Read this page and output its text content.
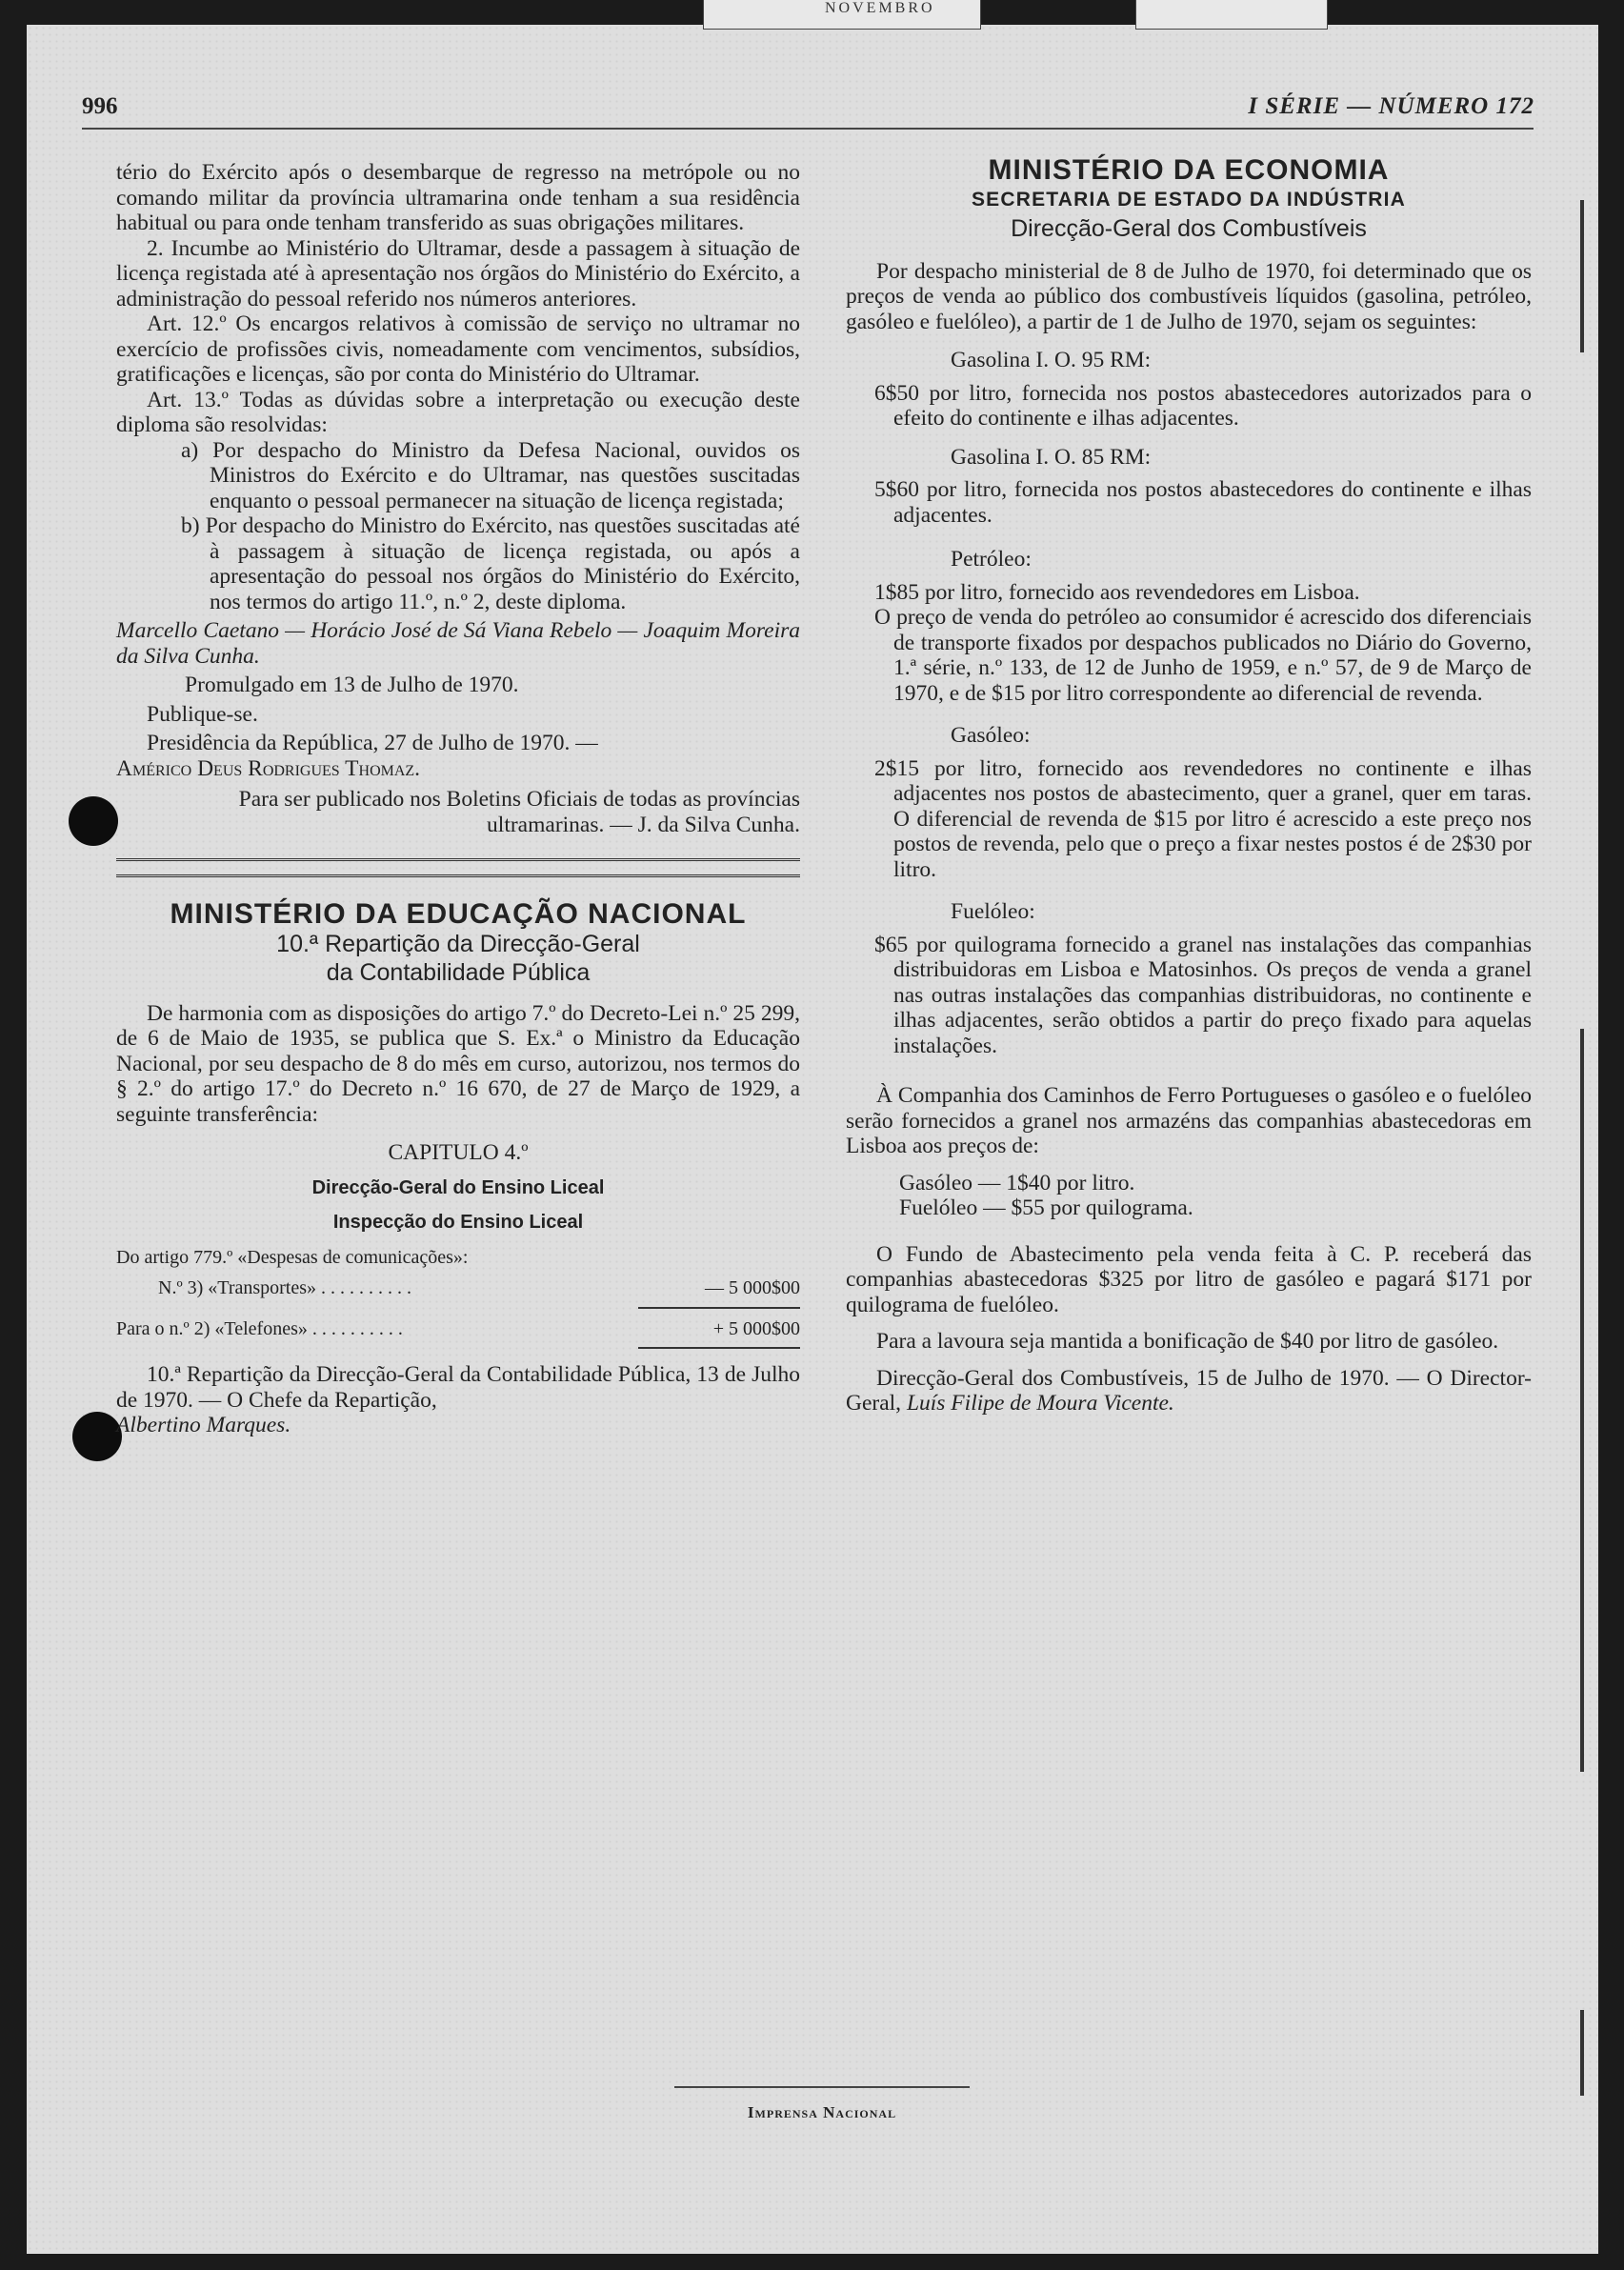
NOVEMBRO
996	I SÉRIE — NÚMERO 172

tério do Exército após o desembarque de regresso na metrópole ou no comando militar da província ultramarina onde tenham a sua residência habitual ou para onde tenham transferido as suas obrigações militares.

2. Incumbe ao Ministério do Ultramar, desde a passagem à situação de licença registada até à apresentação nos órgãos do Ministério do Exército, a administração do pessoal referido nos números anteriores.

Art. 12.º Os encargos relativos à comissão de serviço no ultramar no exercício de profissões civis, nomeadamente com vencimentos, subsídios, gratificações e licenças, são por conta do Ministério do Ultramar.

Art. 13.º Todas as dúvidas sobre a interpretação ou execução deste diploma são resolvidas:

a) Por despacho do Ministro da Defesa Nacional, ouvidos os Ministros do Exército e do Ultramar, nas questões suscitadas enquanto o pessoal permanecer na situação de licença registada;

b) Por despacho do Ministro do Exército, nas questões suscitadas até à passagem à situação de licença registada, ou após a apresentação do pessoal nos órgãos do Ministério do Exército, nos termos do artigo 11.º, n.º 2, deste diploma.

Marcello Caetano — Horácio José de Sá Viana Rebelo — Joaquim Moreira da Silva Cunha.

Promulgado em 13 de Julho de 1970.

Publique-se.

Presidência da República, 27 de Julho de 1970. —

Américo Deus Rodrigues Thomaz.

Para ser publicado nos Boletins Oficiais de todas as províncias ultramarinas. — J. da Silva Cunha.

MINISTÉRIO DA EDUCAÇÃO NACIONAL

10.ª Repartição da Direcção-Geral

da Contabilidade Pública

De harmonia com as disposições do artigo 7.º do Decreto-Lei n.º 25 299, de 6 de Maio de 1935, se publica que S. Ex.ª o Ministro da Educação Nacional, por seu despacho de 8 do mês em curso, autorizou, nos termos do § 2.º do artigo 17.º do Decreto n.º 16 670, de 27 de Março de 1929, a seguinte transferência:

CAPITULO 4.º

Direcção-Geral do Ensino Liceal

Inspecção do Ensino Liceal

Do artigo 779.º «Despesas de comunicações»:

N.º 3) «Transportes» . . . . . . . . . .	— 5 000$00

Para o n.º 2) «Telefones» . . . . . . . . . .	+ 5 000$00

10.ª Repartição da Direcção-Geral da Contabilidade Pública, 13 de Julho de 1970. — O Chefe da Repartição,

Albertino Marques.

MINISTÉRIO DA ECONOMIA

SECRETARIA DE ESTADO DA INDÚSTRIA

Direcção-Geral dos Combustíveis

Por despacho ministerial de 8 de Julho de 1970, foi determinado que os preços de venda ao público dos combustíveis líquidos (gasolina, petróleo, gasóleo e fuelóleo), a partir de 1 de Julho de 1970, sejam os seguintes:

Gasolina I. O. 95 RM:

6$50 por litro, fornecida nos postos abastecedores autorizados para o efeito do continente e ilhas adjacentes.

Gasolina I. O. 85 RM:

5$60 por litro, fornecida nos postos abastecedores do continente e ilhas adjacentes.

Petróleo:

1$85 por litro, fornecido aos revendedores em Lisboa.

O preço de venda do petróleo ao consumidor é acrescido dos diferenciais de transporte fixados por despachos publicados no Diário do Governo, 1.ª série, n.º 133, de 12 de Junho de 1959, e n.º 57, de 9 de Março de 1970, e de $15 por litro correspondente ao diferencial de revenda.

Gasóleo:

2$15 por litro, fornecido aos revendedores no continente e ilhas adjacentes nos postos de abastecimento, quer a granel, quer em taras. O diferencial de revenda de $15 por litro é acrescido a este preço nos postos de revenda, pelo que o preço a fixar nestes postos é de 2$30 por litro.

Fuelóleo:

$65 por quilograma fornecido a granel nas instalações das companhias distribuidoras em Lisboa e Matosinhos. Os preços de venda a granel nas outras instalações das companhias distribuidoras, no continente e ilhas adjacentes, serão obtidos a partir do preço fixado para aquelas instalações.

À Companhia dos Caminhos de Ferro Portugueses o gasóleo e o fuelóleo serão fornecidos a granel nos armazéns das companhias abastecedoras em Lisboa aos preços de:

Gasóleo — 1$40 por litro.

Fuelóleo — $55 por quilograma.

O Fundo de Abastecimento pela venda feita à C. P. receberá das companhias abastecedoras $325 por litro de gasóleo e pagará $171 por quilograma de fuelóleo.

Para a lavoura seja mantida a bonificação de $40 por litro de gasóleo.

Direcção-Geral dos Combustíveis, 15 de Julho de 1970. — O Director-Geral, Luís Filipe de Moura Vicente.

Imprensa Nacional
